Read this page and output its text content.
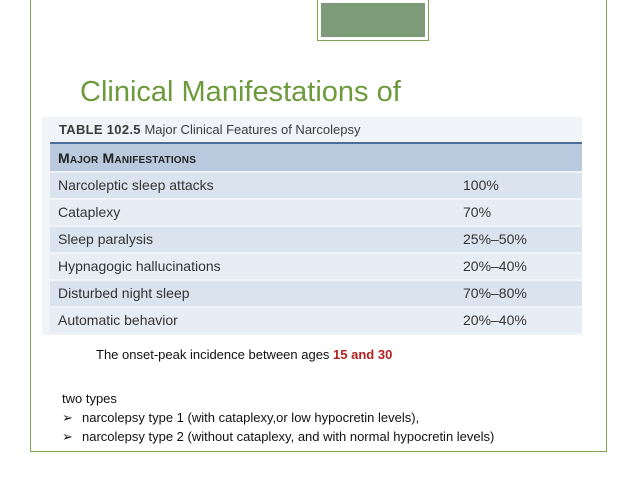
Clinical Manifestations of
TABLE 102.5 Major Clinical Features of Narcolepsy
Major Manifestations
Narcoleptic sleep attacks	100%
Cataplexy	70%
Sleep paralysis	25%–50%
Hypnagogic hallucinations	20%–40%
Disturbed night sleep	70%–80%
Automatic behavior	20%–40%
The onset-peak incidence between ages 15 and 30
two types
➢ narcolepsy type 1 (with cataplexy,or low hypocretin levels),
➢ narcolepsy type 2 (without cataplexy, and with normal hypocretin levels)
